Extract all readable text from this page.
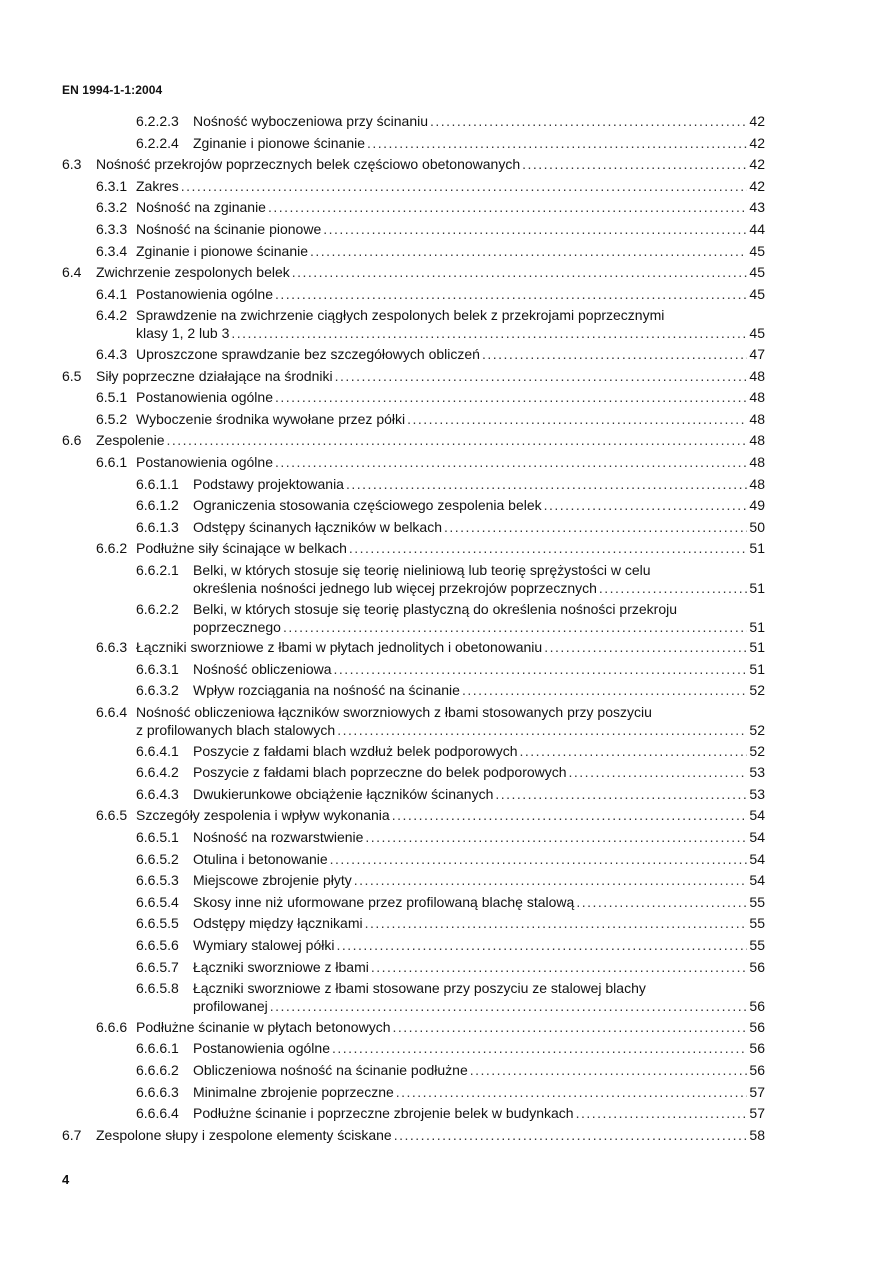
EN 1994-1-1:2004
6.2.2.3 Nośność wyboczeniowa przy ścinaniu . . .	42
6.2.2.4 Zginanie i pionowe ścinanie . . .	42
6.3 Nośność przekrojów poprzecznych belek częściowo obetonowanych . . .	42
6.3.1 Zakres . . .	42
6.3.2 Nośność na zginanie . . .	43
6.3.3 Nośność na ścinanie pionowe . . .	44
6.3.4 Zginanie i pionowe ścinanie . . .	45
6.4 Zwichrzenie zespolonych belek . . .	45
6.4.1 Postanowienia ogólne . . .	45
6.4.2 Sprawdzenie na zwichrzenie ciągłych zespolonych belek z przekrojami poprzecznymi
klasy 1, 2 lub 3 . . .	45
6.4.3 Uproszczone sprawdzanie bez szczegółowych obliczeń . . .	47
6.5 Siły poprzeczne działające na środniki . . .	48
6.5.1 Postanowienia ogólne . . .	48
6.5.2 Wyboczenie środnika wywołane przez półki . . .	48
6.6 Zespolenie . . .	48
6.6.1 Postanowienia ogólne . . .	48
6.6.1.1 Podstawy projektowania . . .	48
6.6.1.2 Ograniczenia stosowania częściowego zespolenia belek . . .	49
6.6.1.3 Odstępy ścinanych łączników w belkach . . .	50
6.6.2 Podłużne siły ścinające w belkach . . .	51
6.6.2.1 Belki, w których stosuje się teorię nieliniową lub teorię sprężystości w celu
określenia nośności jednego lub więcej przekrojów poprzecznych . . .	51
6.6.2.2 Belki, w których stosuje się teorię plastyczną do określenia nośności przekroju
poprzecznego . . .	51
6.6.3 Łączniki sworzniowe z łbami w płytach jednolitych i obetonowaniu . . .	51
6.6.3.1 Nośność obliczeniowa . . .	51
6.6.3.2 Wpływ rozciągania na nośność na ścinanie . . .	52
6.6.4 Nośność obliczeniowa łączników sworzniowych z łbami stosowanych przy poszyciu
z profilowanych blach stalowych . . .	52
6.6.4.1 Poszycie z fałdami blach wzdłuż belek podporowych . . .	52
6.6.4.2 Poszycie z fałdami blach poprzeczne do belek podporowych . . .	53
6.6.4.3 Dwukierunkowe obciążenie łączników ścinanych . . .	53
6.6.5 Szczegóły zespolenia i wpływ wykonania . . .	54
6.6.5.1 Nośność na rozwarstwienie . . .	54
6.6.5.2 Otulina i betonowanie . . .	54
6.6.5.3 Miejscowe zbrojenie płyty . . .	54
6.6.5.4 Skosy inne niż uformowane przez profilowaną blachę stalową . . .	55
6.6.5.5 Odstępy między łącznikami . . .	55
6.6.5.6 Wymiary stalowej półki . . .	55
6.6.5.7 Łączniki sworzniowe z łbami . . .	56
6.6.5.8 Łączniki sworzniowe z łbami stosowane przy poszyciu ze stalowej blachy
profilowanej . . .	56
6.6.6 Podłużne ścinanie w płytach betonowych . . .	56
6.6.6.1 Postanowienia ogólne . . .	56
6.6.6.2 Obliczeniowa nośność na ścinanie podłużne . . .	56
6.6.6.3 Minimalne zbrojenie poprzeczne . . .	57
6.6.6.4 Podłużne ścinanie i poprzeczne zbrojenie belek w budynkach . . .	57
6.7 Zespolone słupy i zespolone elementy ściskane . . .	58
4
